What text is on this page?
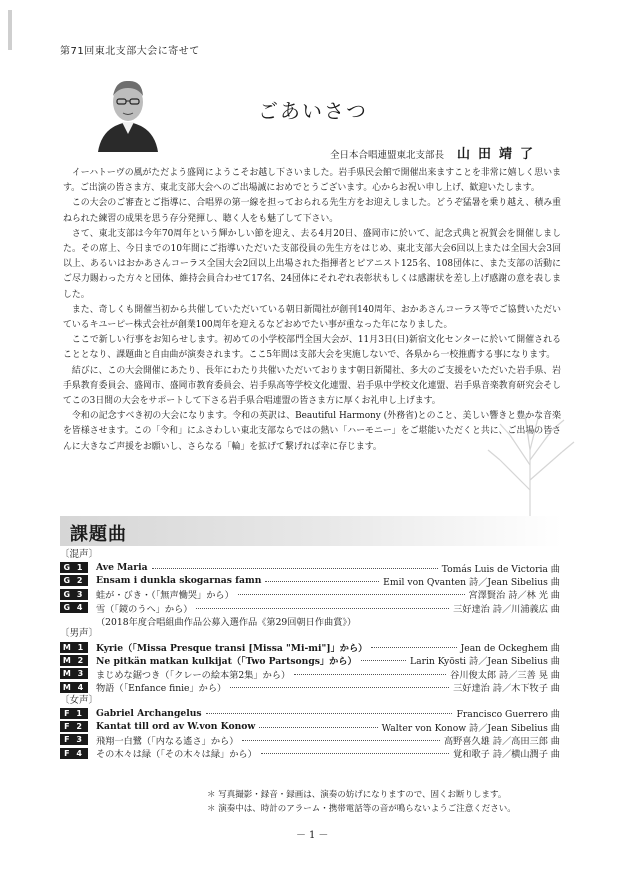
第71回東北支部大会に寄せて
ごあいさつ
全日本合唱連盟東北支部長 山田靖了

イーハトーヴの風がただよう盛岡にようこそお越し下さいました。岩手県民会館で開催出来ますことを非常に嬉しく思います。ご出演の皆さま方、東北支部大会へのご出場誠におめでとうございます。心からお祝い申し上げ、歓迎いたします。

この大会のご審査とご指導に、合唱界の第一線を担っておられる先生方をお迎えしました。どうぞ猛暑を乗り越え、積み重ねられた練習の成果を思う存分発揮し、聴く人をも魅了して下さい。

さて、東北支部は今年70周年という輝かしい節を迎え、去る4月20日、盛岡市に於いて、記念式典と祝賀会を開催しました。その席上、今日までの10年間にご指導いただいた支部役員の先生方をはじめ、東北支部大会6回以上または全国大会3回以上、あるいはおかあさんコーラス全国大会2回以上出場された指揮者とピアニスト125名、108団体に、また支部の活動にご尽力賜わった方々と団体、維持会員合わせて17名、24団体にそれぞれ表彰状もしくは感謝状を差し上げ感謝の意を表しました。

また、奇しくも開催当初から共催していただいている朝日新聞社が創刊140周年、おかあさんコーラス等でご協賛いただいているキユーピー株式会社が創業100周年を迎えるなどおめでたい事が重なった年になりました。

ここで新しい行事をお知らせします。初めての小学校部門全国大会が、11月3日(日)新宿文化センターに於いて開催されることとなり、課題曲と自由曲が演奏されます。ここ5年間は支部大会を実施しないで、各県から一校推薦する事になります。

結びに、この大会開催にあたり、長年にわたり共催いただいております朝日新聞社、多大のご支援をいただいた岩手県、岩手県教育委員会、盛岡市、盛岡市教育委員会、岩手県高等学校文化連盟、岩手県中学校文化連盟、岩手県音楽教育研究会そしてこの3日間の大会をサポートして下さる岩手県合唱連盟の皆さま方に厚くお礼申し上げます。

令和の記念すべき初の大会になります。令和の英訳は、Beautiful Harmony (外務省)とのこと、美しい響きと豊かな音楽を皆様させます。この「令和」にふさわしい東北支部ならではの熱い「ハーモニー」をご堪能いただくと共に、ご出場の皆さんに大きなご声援をお願いし、さらなる「輪」を拡げて繋げれば幸に存じます。

課題曲
〔混声〕
G 1	Ave Maria	Tomás Luis de Victoria 曲
G 2	Ensam i dunkla skogarnas famn	Emil von Qvanten 詩／Jean Sibelius 曲
G 3	蛙が・びき・（「無声慟哭」から）	宮澤賢治 詩／林 光 曲
G 4	雪（「鏡のうへ」から）	三好達治 詩／川浦義広 曲
（2018年度合唱組曲作品公募入選作品《第29回朝日作曲賞》）
〔男声〕
M 1	Kyrie（「Missa Presque transi [Missa "Mi-mi"]」から）	Jean de Ockeghem 曲
M 2	Ne pitkän matkan kulkijat（「Two Partsongs」から）	Larin Kyösti 詩／Jean Sibelius 曲
M 3	まじめな鋸つき（「クレーの絵本第2集」から）	谷川俊太郎 詩／三善 晃 曲
M 4	物語（「Enfance finie」から）	三好達治 詩／木下牧子 曲
〔女声〕
F 1	Gabriel Archangelus	Francisco Guerrero 曲
F 2	Kantat till ord av W.von Konow	Walter von Konow 詩／Jean Sibelius 曲
F 3	飛翔一白鷺（「内なる遙さ」から）	高野喜久雄 詩／高田三郎 曲
F 4	その木々は緑（「その木々は緑」から）	覚和歌子 詩／横山潤子 曲
＊ 写真撮影・録音・録画は、演奏の妨げになりますので、固くお断りします。
＊ 演奏中は、時計のアラーム・携帯電話等の音が鳴らないようご注意ください。
－1－
